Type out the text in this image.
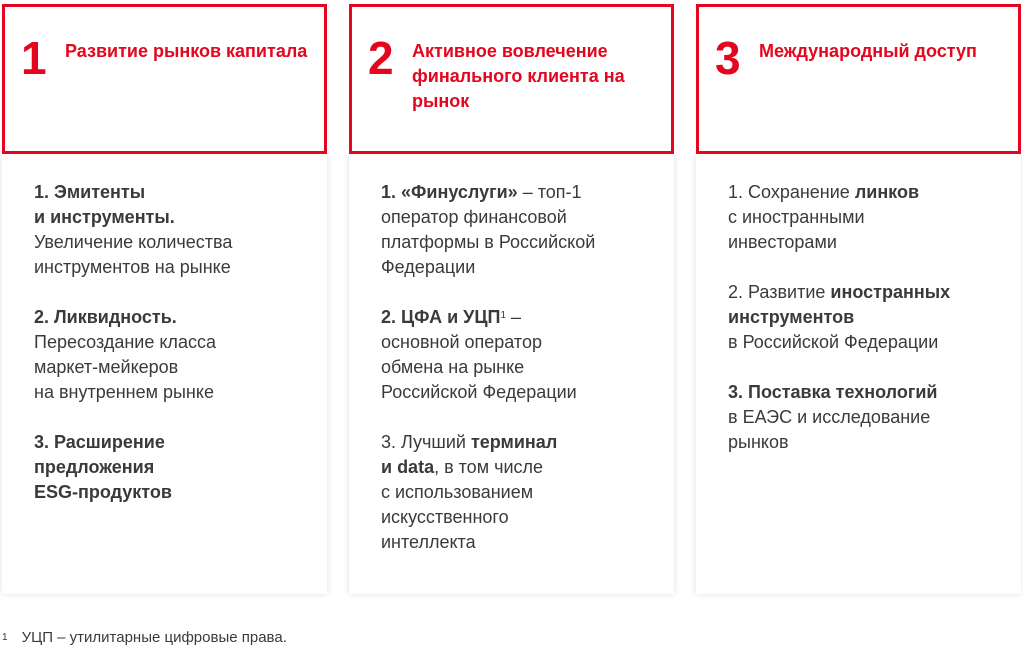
1 Развитие рынков капитала
1. Эмитенты
и инструменты.
Увеличение количества
инструментов на рынке
2. Ликвидность.
Пересоздание класса
маркет-мейкеров
на внутреннем рынке
3. Расширение
предложения
ESG-продуктов
2 Активное вовлечение финального клиента на рынок
1. «Финуслуги» – топ-1
оператор финансовой
платформы в Российской
Федерации
2. ЦФА и УЦП$^1$ –
основной оператор
обмена на рынке
Российской Федерации
3. Лучший терминал
и data, в том числе
с использованием
искусственного
интеллекта
3 Международный доступ
1. Сохранение линков
с иностранными
инвесторами
2. Развитие иностранных
инструментов
в Российской Федерации
3. Поставка технологий
в ЕАЭС и исследование
рынков
$^1$ УЦП – утилитарные цифровые права.
